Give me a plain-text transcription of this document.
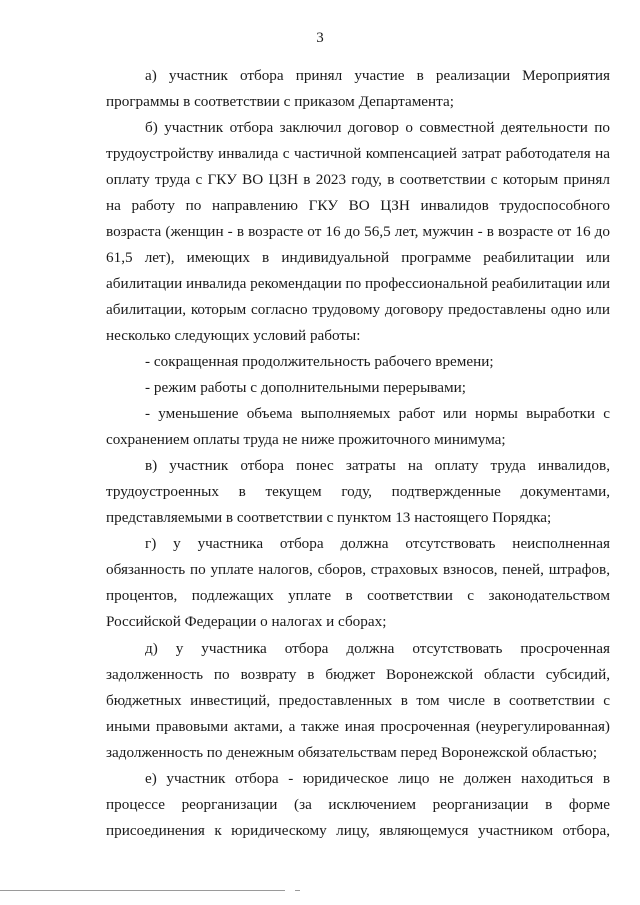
3
а) участник отбора принял участие в реализации Мероприятия
программы в соответствии с приказом Департамента;
б) участник отбора заключил договор о совместной деятельности по
трудоустройству инвалида с частичной компенсацией затрат работодателя на
оплату труда с ГКУ ВО ЦЗН в 2023 году, в соответствии с которым принял
на работу по направлению ГКУ ВО ЦЗН инвалидов трудоспособного
возраста (женщин - в возрасте от 16 до 56,5 лет, мужчин - в возрасте от 16 до
61,5 лет), имеющих в индивидуальной программе реабилитации или
абилитации инвалида рекомендации по профессиональной реабилитации или
абилитации, которым согласно трудовому договору предоставлены одно или
несколько следующих условий работы:
- сокращенная продолжительность рабочего времени;
- режим работы с дополнительными перерывами;
- уменьшение объема выполняемых работ или нормы выработки с
сохранением оплаты труда не ниже прожиточного минимума;
в) участник отбора понес затраты на оплату труда инвалидов,
трудоустроенных в текущем году, подтвержденные документами,
представляемыми в соответствии с пунктом 13 настоящего Порядка;
г) у участника отбора должна отсутствовать неисполненная
обязанность по уплате налогов, сборов, страховых взносов, пеней, штрафов,
процентов, подлежащих уплате в соответствии с законодательством
Российской Федерации о налогах и сборах;
д) у участника отбора должна отсутствовать просроченная
задолженность по возврату в бюджет Воронежской области субсидий,
бюджетных инвестиций, предоставленных в том числе в соответствии с
иными правовыми актами, а также иная просроченная (неурегулированная)
задолженность по денежным обязательствам перед Воронежской областью;
е) участник отбора - юридическое лицо не должен находиться в
процессе реорганизации (за исключением реорганизации в форме
присоединения к юридическому лицу, являющемуся участником отбора,
